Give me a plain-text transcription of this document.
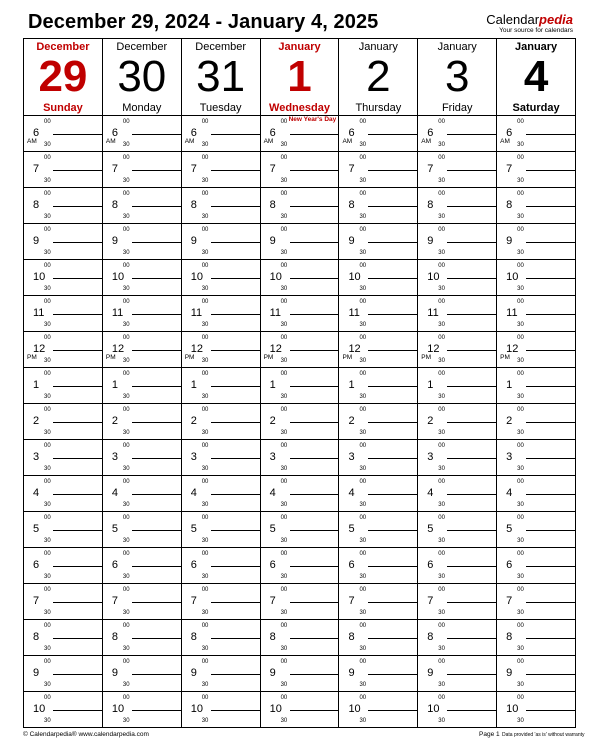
December 29, 2024 - January 4, 2025	Calendarpedia
Your source for calendars
December
29
Sunday
6
00
30
AM
7
00
30
8
00
30
9
00
30
10
00
30
11
00
30
12
00
30
PM
1
00
30
2
00
30
3
00
30
4
00
30
5
00
30
6
00
30
7
00
30
8
00
30
9
00
30
10
00
30
December
30
Monday
6
00
30
AM
7
00
30
8
00
30
9
00
30
10
00
30
11
00
30
12
00
30
PM
1
00
30
2
00
30
3
00
30
4
00
30
5
00
30
6
00
30
7
00
30
8
00
30
9
00
30
10
00
30
December
31
Tuesday
6
00
30
AM
7
00
30
8
00
30
9
00
30
10
00
30
11
00
30
12
00
30
PM
1
00
30
2
00
30
3
00
30
4
00
30
5
00
30
6
00
30
7
00
30
8
00
30
9
00
30
10
00
30
January
1
Wednesday
6
00
30
AM
New Year's Day
7
00
30
8
00
30
9
00
30
10
00
30
11
00
30
12
00
30
PM
1
00
30
2
00
30
3
00
30
4
00
30
5
00
30
6
00
30
7
00
30
8
00
30
9
00
30
10
00
30
January
2
Thursday
6
00
30
AM
7
00
30
8
00
30
9
00
30
10
00
30
11
00
30
12
00
30
PM
1
00
30
2
00
30
3
00
30
4
00
30
5
00
30
6
00
30
7
00
30
8
00
30
9
00
30
10
00
30
January
3
Friday
6
00
30
AM
7
00
30
8
00
30
9
00
30
10
00
30
11
00
30
12
00
30
PM
1
00
30
2
00
30
3
00
30
4
00
30
5
00
30
6
00
30
7
00
30
8
00
30
9
00
30
10
00
30
January
4
Saturday
6
00
30
AM
7
00
30
8
00
30
9
00
30
10
00
30
11
00
30
12
00
30
PM
1
00
30
2
00
30
3
00
30
4
00
30
5
00
30
6
00
30
7
00
30
8
00
30
9
00
30
10
00
30
© Calendarpedia® www.calendarpedia.com	Page 1 Data provided 'as is' without warranty
